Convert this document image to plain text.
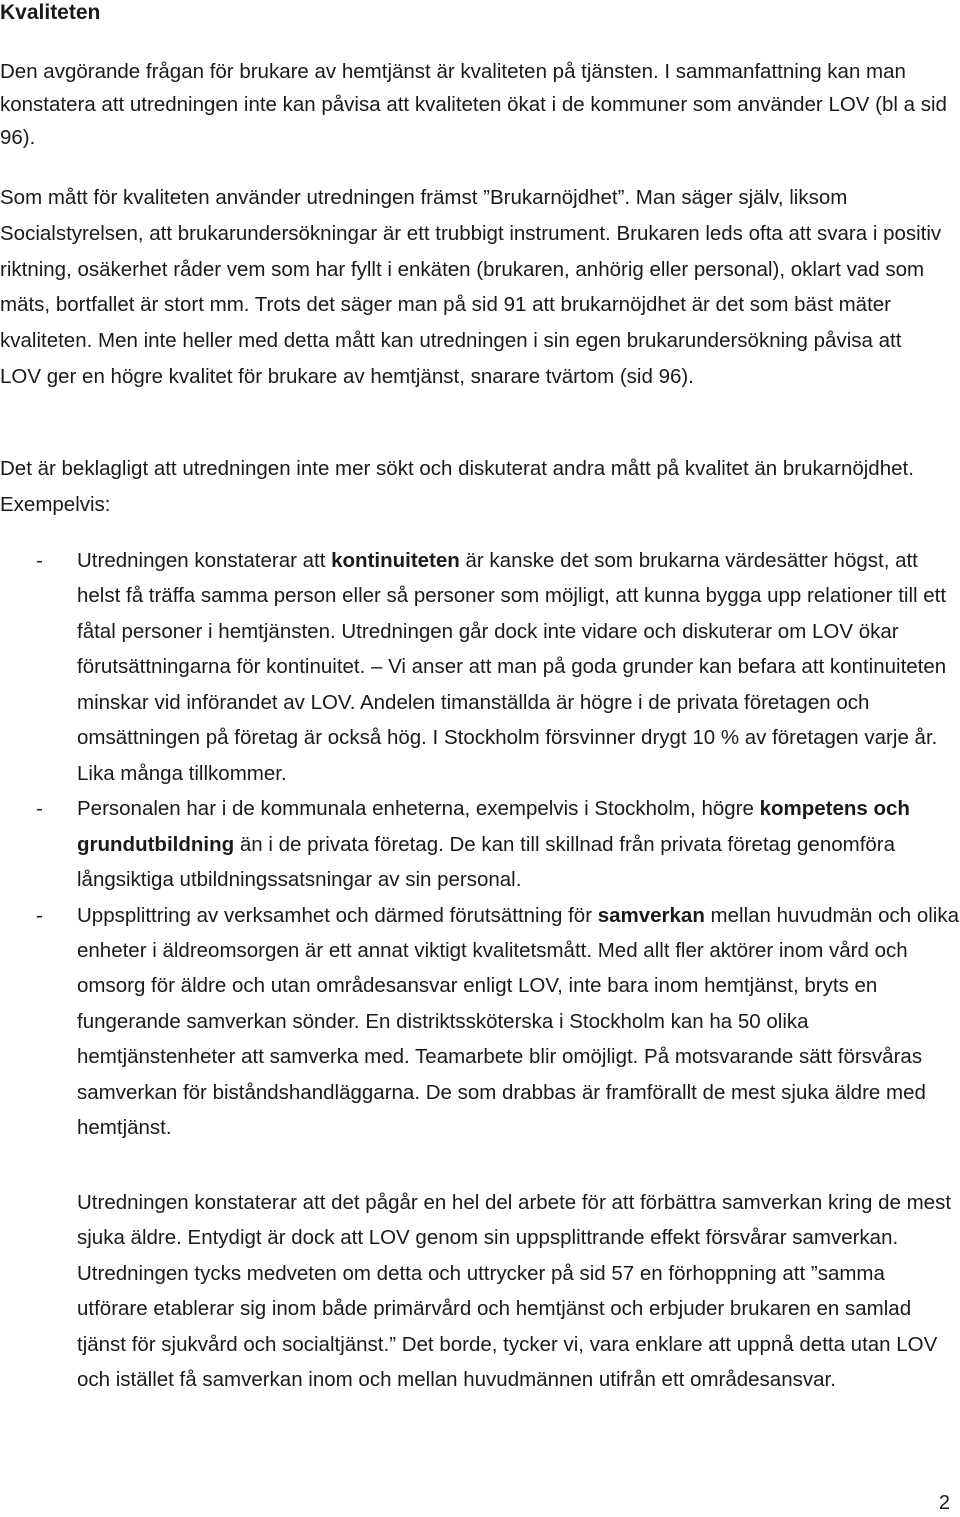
Kvaliteten

Den avgörande frågan för brukare av hemtjänst är kvaliteten på tjänsten. I sammanfattning kan man konstatera att utredningen inte kan påvisa att kvaliteten ökat i de kommuner som använder LOV (bl a sid 96).

Som mått för kvaliteten använder utredningen främst ”Brukarnöjdhet”. Man säger själv, liksom Socialstyrelsen, att brukarundersökningar är ett trubbigt instrument. Brukaren leds ofta att svara i positiv riktning, osäkerhet råder vem som har fyllt i enkäten (brukaren, anhörig eller personal), oklart vad som mäts, bortfallet är stort mm. Trots det säger man på sid 91 att brukarnöjdhet är det som bäst mäter kvaliteten. Men inte heller med detta mått kan utredningen i sin egen brukarundersökning påvisa att LOV ger en högre kvalitet för brukare av hemtjänst, snarare tvärtom (sid 96).

Det är beklagligt att utredningen inte mer sökt och diskuterat andra mått på kvalitet än brukarnöjdhet. Exempelvis:

- Utredningen konstaterar att kontinuiteten är kanske det som brukarna värdesätter högst, att helst få träffa samma person eller så personer som möjligt, att kunna bygga upp relationer till ett fåtal personer i hemtjänsten. Utredningen går dock inte vidare och diskuterar om LOV ökar förutsättningarna för kontinuitet. – Vi anser att man på goda grunder kan befara att kontinuiteten minskar vid införandet av LOV. Andelen timanställda är högre i de privata företagen och omsättningen på företag är också hög. I Stockholm försvinner drygt 10 % av företagen varje år. Lika många tillkommer.
- Personalen har i de kommunala enheterna, exempelvis i Stockholm, högre kompetens och grundutbildning än i de privata företag. De kan till skillnad från privata företag genomföra långsiktiga utbildningssatsningar av sin personal.
- Uppsplittring av verksamhet och därmed förutsättning för samverkan mellan huvudmän och olika enheter i äldreomsorgen är ett annat viktigt kvalitetsmått. Med allt fler aktörer inom vård och omsorg för äldre och utan områdesansvar enligt LOV, inte bara inom hemtjänst, bryts en fungerande samverkan sönder. En distriktssköterska i Stockholm kan ha 50 olika hemtjänstenheter att samverka med. Teamarbete blir omöjligt. På motsvarande sätt försvåras samverkan för biståndshandläggarna. De som drabbas är framförallt de mest sjuka äldre med hemtjänst.

Utredningen konstaterar att det pågår en hel del arbete för att förbättra samverkan kring de mest sjuka äldre. Entydigt är dock att LOV genom sin uppsplittrande effekt försvårar samverkan. Utredningen tycks medveten om detta och uttrycker på sid 57 en förhoppning att ”samma utförare etablerar sig inom både primärvård och hemtjänst och erbjuder brukaren en samlad tjänst för sjukvård och socialtjänst.” Det borde, tycker vi, vara enklare att uppnå detta utan LOV och istället få samverkan inom och mellan huvudmännen utifrån ett områdesansvar.

2
